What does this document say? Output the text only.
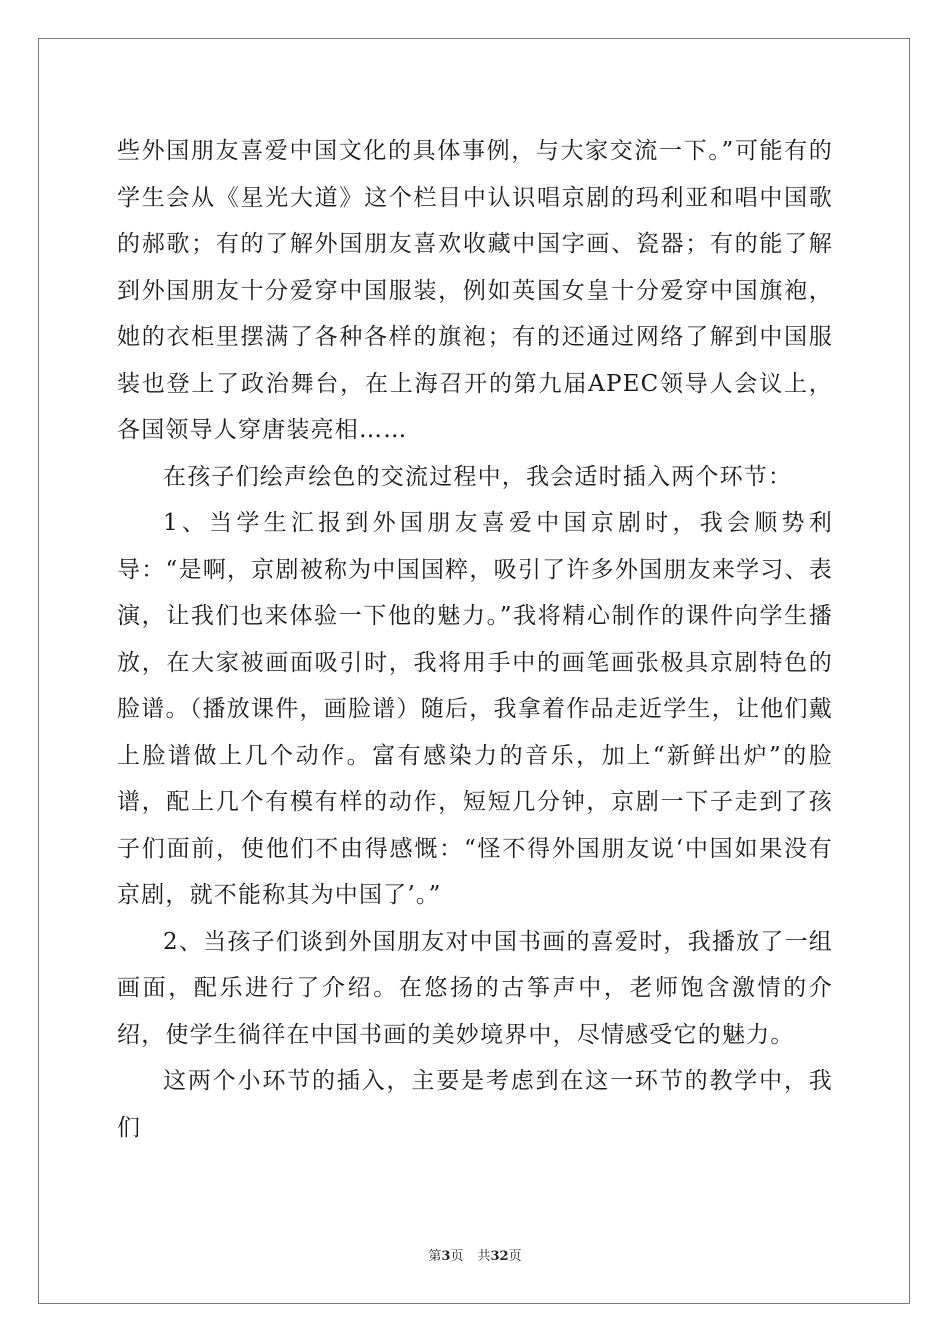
些外国朋友喜爱中国文化的具体事例，与大家交流一下。”可能有的学生会从《星光大道》这个栏目中认识唱京剧的玛利亚和唱中国歌的郝歌；有的了解外国朋友喜欢收藏中国字画、瓷器；有的能了解到外国朋友十分爱穿中国服装，例如英国女皇十分爱穿中国旗袍，她的衣柜里摆满了各种各样的旗袍；有的还通过网络了解到中国服装也登上了政治舞台，在上海召开的第九届APEC领导人会议上，各国领导人穿唐装亮相……

在孩子们绘声绘色的交流过程中，我会适时插入两个环节：

1、当学生汇报到外国朋友喜爱中国京剧时，我会顺势利导：“是啊，京剧被称为中国国粹，吸引了许多外国朋友来学习、表演，让我们也来体验一下他的魅力。”我将精心制作的课件向学生播放，在大家被画面吸引时，我将用手中的画笔画张极具京剧特色的脸谱。（播放课件，画脸谱）随后，我拿着作品走近学生，让他们戴上脸谱做上几个动作。富有感染力的音乐，加上“新鲜出炉”的脸谱，配上几个有模有样的动作，短短几分钟，京剧一下子走到了孩子们面前，使他们不由得感慨：“怪不得外国朋友说‘中国如果没有京剧，就不能称其为中国了’。”

2、当孩子们谈到外国朋友对中国书画的喜爱时，我播放了一组画面，配乐进行了介绍。在悠扬的古筝声中，老师饱含激情的介绍，使学生徜徉在中国书画的美妙境界中，尽情感受它的魅力。

这两个小环节的插入，主要是考虑到在这一环节的教学中，我们

第3页 共32页
